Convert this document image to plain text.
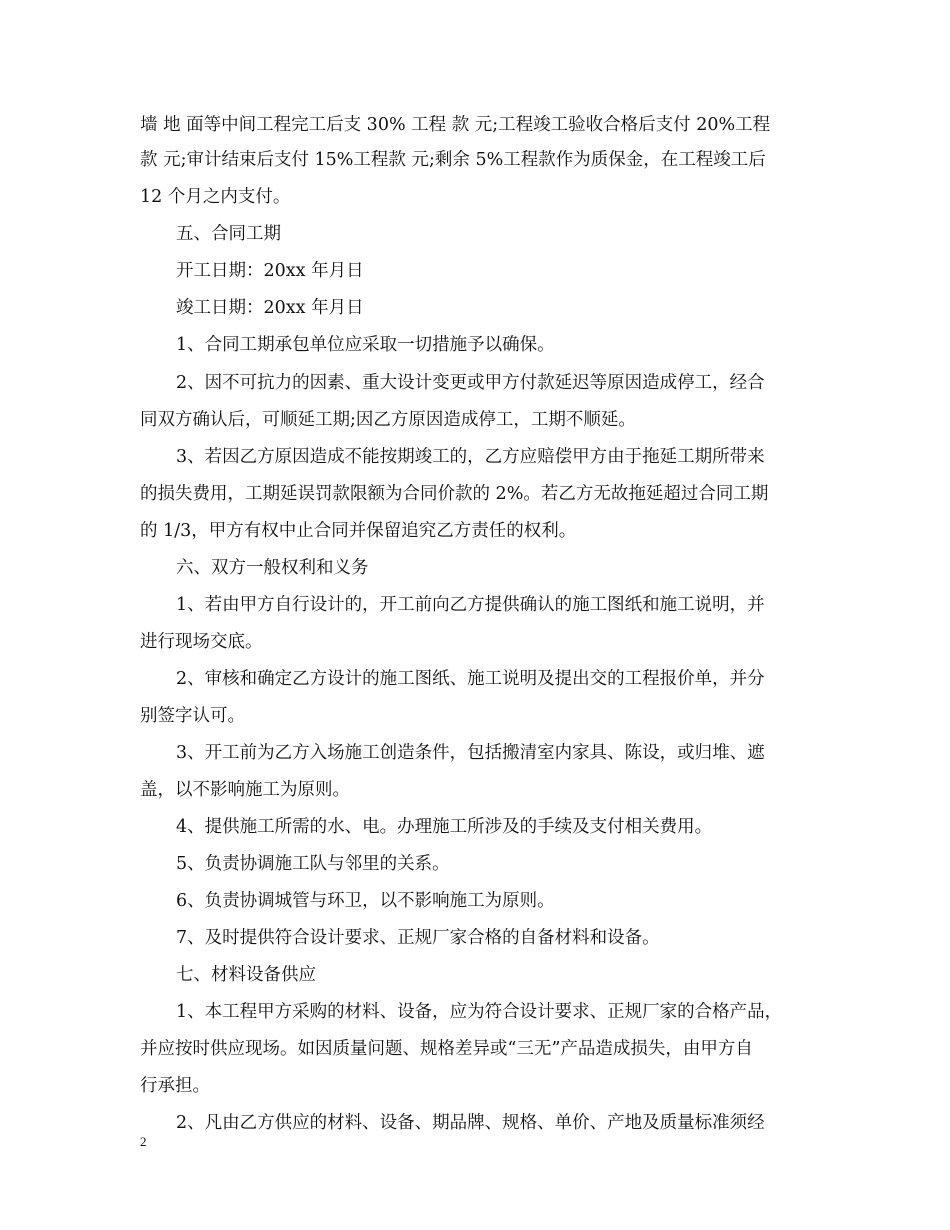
墙 地 面等中间工程完工后支 30% 工程 款 元;工程竣工验收合格后支付 20%工程
款 元;审计结束后支付 15%工程款 元;剩余 5%工程款作为质保金，在工程竣工后
12 个月之内支付。
五、合同工期
开工日期：20xx 年月日
竣工日期：20xx 年月日
1、合同工期承包单位应采取一切措施予以确保。
2、因不可抗力的因素、重大设计变更或甲方付款延迟等原因造成停工，经合
同双方确认后，可顺延工期;因乙方原因造成停工，工期不顺延。
3、若因乙方原因造成不能按期竣工的，乙方应赔偿甲方由于拖延工期所带来
的损失费用，工期延误罚款限额为合同价款的 2%。若乙方无故拖延超过合同工期
的 1/3，甲方有权中止合同并保留追究乙方责任的权利。
六、双方一般权利和义务
1、若由甲方自行设计的，开工前向乙方提供确认的施工图纸和施工说明，并
进行现场交底。
2、审核和确定乙方设计的施工图纸、施工说明及提出交的工程报价单，并分
别签字认可。
3、开工前为乙方入场施工创造条件，包括搬清室内家具、陈设，或归堆、遮
盖，以不影响施工为原则。
4、提供施工所需的水、电。办理施工所涉及的手续及支付相关费用。
5、负责协调施工队与邻里的关系。
6、负责协调城管与环卫，以不影响施工为原则。
7、及时提供符合设计要求、正规厂家合格的自备材料和设备。
七、材料设备供应
1、本工程甲方采购的材料、设备，应为符合设计要求、正规厂家的合格产品，
并应按时供应现场。如因质量问题、规格差异或“三无”产品造成损失，由甲方自
行承担。
2、凡由乙方供应的材料、设备、期品牌、规格、单价、产地及质量标准须经
2
